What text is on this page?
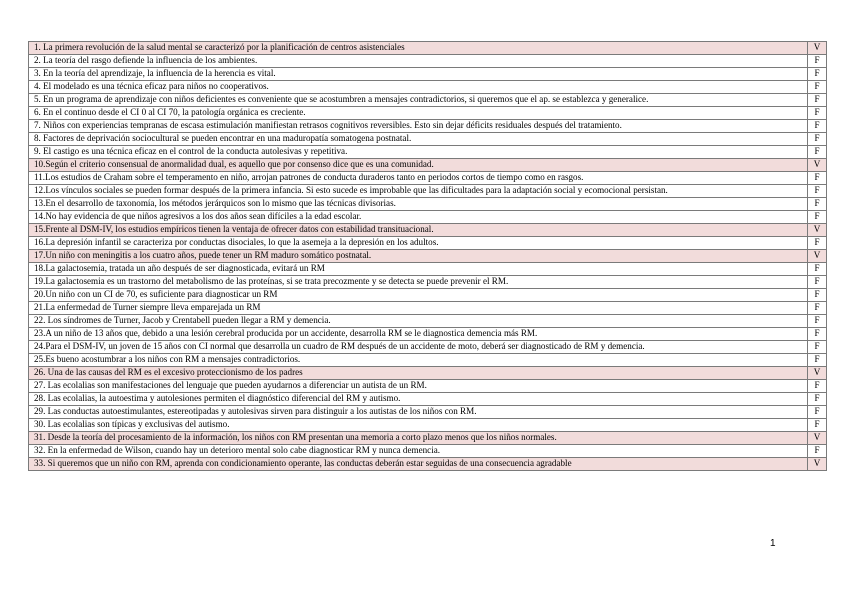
1. La primera revolución de la salud mental se caracterizó por la planificación de centros asistenciales	V
2. La teoría del rasgo defiende la influencia de los ambientes.	F
3. En la teoría del aprendizaje, la influencia de la herencia es vital.	F
4. El modelado es una técnica eficaz para niños no cooperativos.	F
5. En un programa de aprendizaje con niños deficientes es conveniente que se acostumbren a mensajes contradictorios, si queremos que el ap. se establezca y generalice.	F
6. En el continuo desde el CI 0 al CI 70, la patología orgánica es creciente.	F
7. Niños con experiencias tempranas de escasa estimulación manifiestan retrasos cognitivos reversibles. Esto sin dejar déficits residuales después del tratamiento.	F
8. Factores de deprivación sociocultural se pueden encontrar en una maduropatía somatogena postnatal.	F
9. El castigo es una técnica eficaz en el control de la conducta autolesivas y repetitiva.	F
10.Según el criterio consensual de anormalidad dual, es aquello que por consenso dice que es una comunidad.	V
11.Los estudios de Craham sobre el temperamento en niño, arrojan patrones de conducta duraderos tanto en periodos cortos de tiempo como en rasgos.	F
12.Los vínculos sociales se pueden formar después de la primera infancia. Si esto sucede es improbable que las dificultades para la adaptación social y ecomocional persistan.	F
13.En el desarrollo de taxonomía, los métodos jerárquicos son lo mismo que las técnicas divisorias.	F
14.No hay evidencia de que niños agresivos a los dos años sean difíciles a la edad escolar.	F
15.Frente al DSM-IV, los estudios empíricos tienen la ventaja de ofrecer datos con estabilidad transituacional.	V
16.La depresión infantil se caracteriza por conductas disociales, lo que la asemeja a la depresión en los adultos.	F
17.Un niño con meningitis a los cuatro años, puede tener un RM maduro somático postnatal.	V
18.La galactosemia, tratada un año después de ser diagnosticada, evitará un RM	F
19.La galactosemia es un trastorno del metabolismo de las proteínas, si se trata precozmente y se detecta se puede prevenir el RM.	F
20.Un niño con un CI de 70, es suficiente para diagnosticar un RM	F
21.La enfermedad de Turner siempre lleva emparejada un RM	F
22. Los síndromes de Turner, Jacob y Crentabell pueden llegar a RM y demencia.	F
23.A un niño de 13 años que, debido a una lesión cerebral producida por un accidente, desarrolla RM se le diagnostica demencia más RM.	F
24.Para el DSM-IV, un joven de 15 años con CI normal que desarrolla un cuadro de RM después de un accidente de moto, deberá ser diagnosticado de RM y demencia.	F
25.Es bueno acostumbrar a los niños con RM a mensajes contradictorios.	F
26. Una de las causas del RM es el excesivo proteccionismo de los padres	V
27. Las ecolalias son manifestaciones del lenguaje que pueden ayudarnos a diferenciar un autista de un RM.	F
28. Las ecolalias, la autoestima y autolesiones permiten el diagnóstico diferencial del RM y autismo.	F
29. Las conductas autoestimulantes, estereotipadas y autolesivas sirven para distinguir a los autistas de los niños con RM.	F
30. Las ecolalias son típicas y exclusivas del autismo.	F
31. Desde la teoría del procesamiento de la información, los niños con RM presentan una memoria a corto plazo menos que los niños normales.	V
32. En la enfermedad de Wilson, cuando hay un deterioro mental solo cabe diagnosticar RM y nunca demencia.	F
33. Si queremos que un niño con RM, aprenda con condicionamiento operante, las conductas deberán estar seguidas de una consecuencia agradable	V
1
